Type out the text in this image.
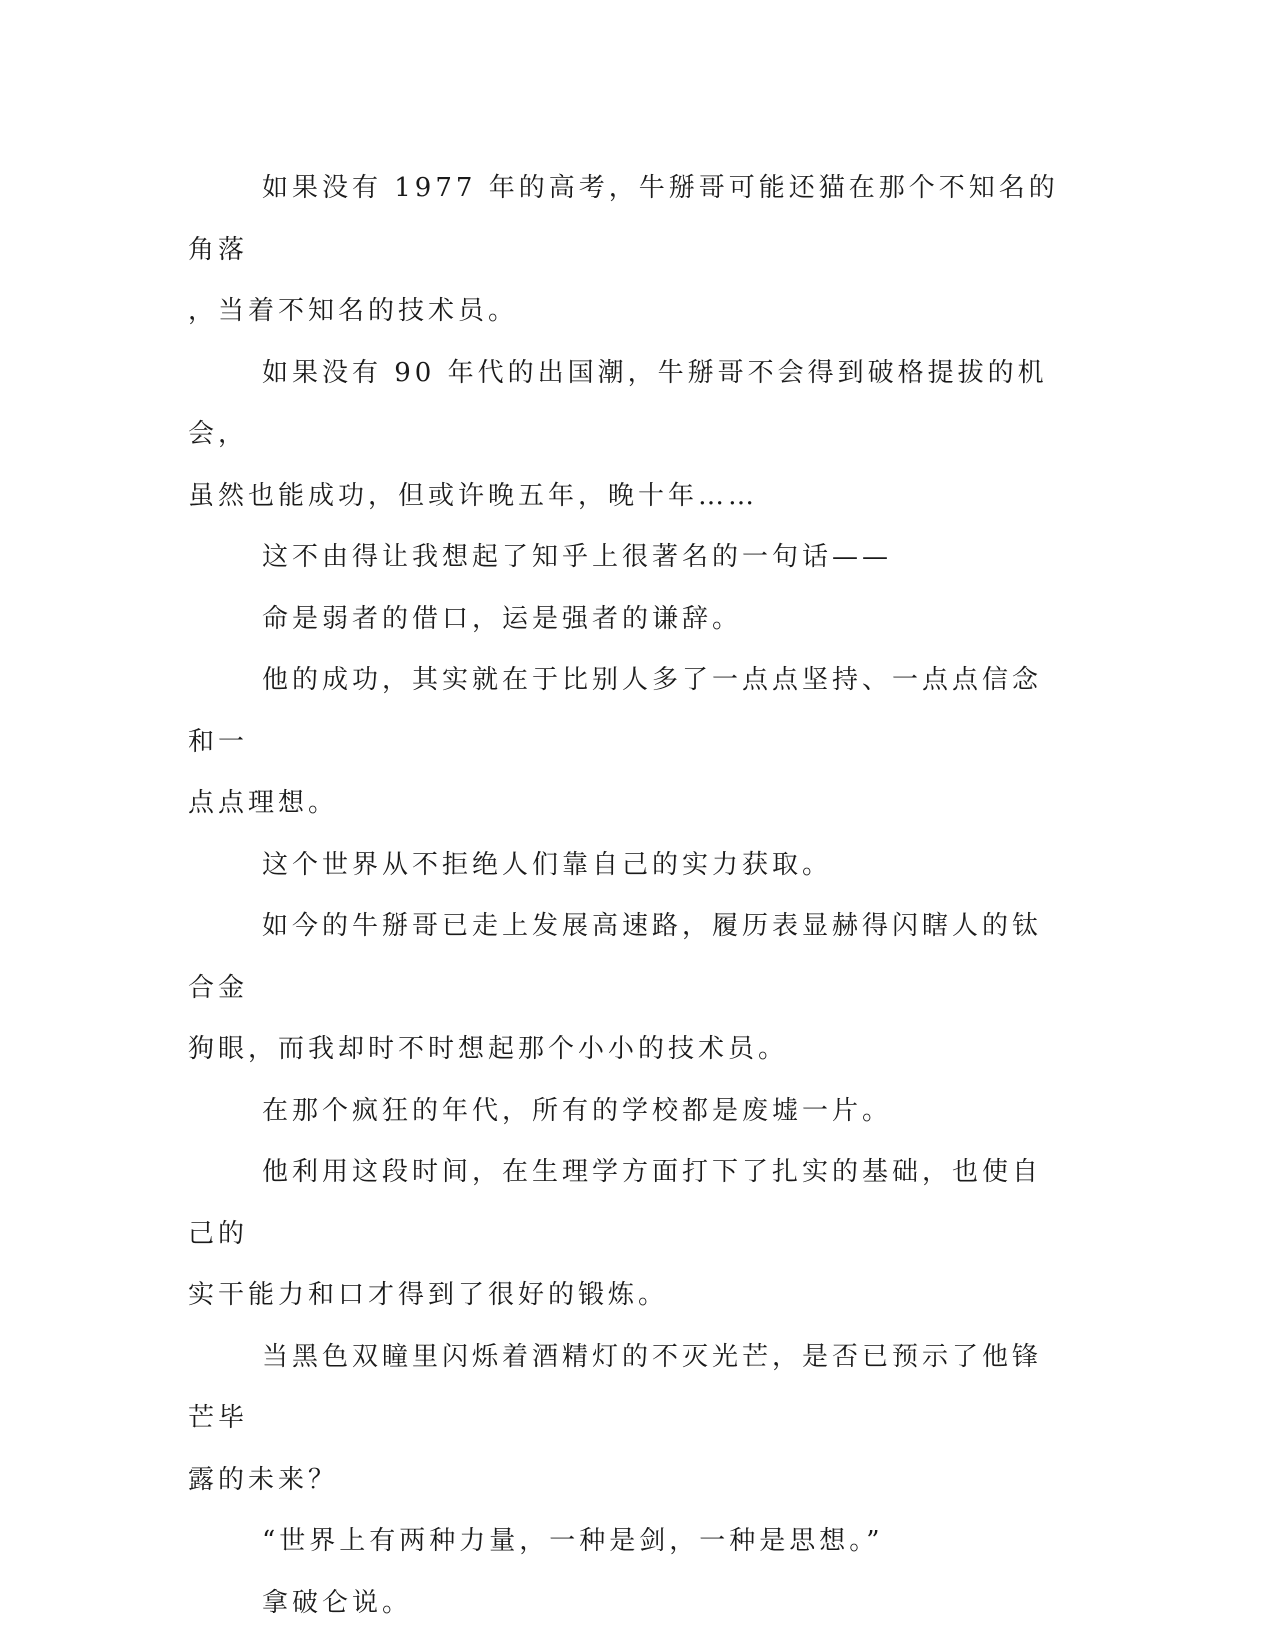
如果没有 1977 年的高考，牛掰哥可能还猫在那个不知名的角落
，当着不知名的技术员。

如果没有 90 年代的出国潮，牛掰哥不会得到破格提拔的机会，
虽然也能成功，但或许晚五年，晚十年……

这不由得让我想起了知乎上很著名的一句话——

命是弱者的借口，运是强者的谦辞。

他的成功，其实就在于比别人多了一点点坚持、一点点信念和一
点点理想。

这个世界从不拒绝人们靠自己的实力获取。

如今的牛掰哥已走上发展高速路，履历表显赫得闪瞎人的钛合金
狗眼，而我却时不时想起那个小小的技术员。

在那个疯狂的年代，所有的学校都是废墟一片。

他利用这段时间，在生理学方面打下了扎实的基础，也使自己的
实干能力和口才得到了很好的锻炼。

当黑色双瞳里闪烁着酒精灯的不灭光芒，是否已预示了他锋芒毕
露的未来？

“世界上有两种力量，一种是剑，一种是思想。”

拿破仑说。
